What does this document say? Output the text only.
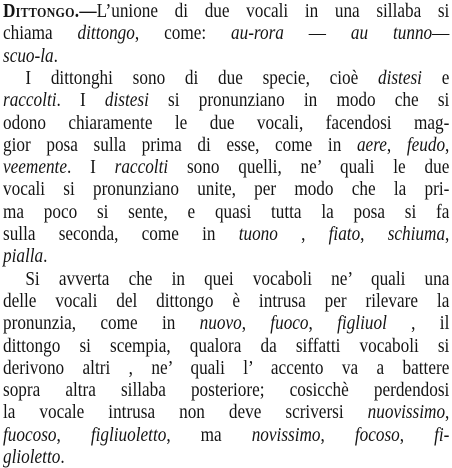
Dittongo.—L’unione di due vocali in una sillaba si
chiama dittongo, come: au-rora — au tunno—
scuo-la.
I dittonghi sono di due specie, cioè distesi e
raccolti. I distesi si pronunziano in modo che si
odono chiaramente le due vocali, facendosi mag-
gior posa sulla prima di esse, come in aere, feudo,
veemente. I raccolti sono quelli, ne’ quali le due
vocali si pronunziano unite, per modo che la pri-
ma poco si sente, e quasi tutta la posa si fa
sulla seconda, come in tuono , fiato, schiuma,
pialla.
Si avverta che in quei vocaboli ne’ quali una
delle vocali del dittongo è intrusa per rilevare la
pronunzia, come in nuovo, fuoco, figliuol , il
dittongo si scempia, qualora da siffatti vocaboli si
derivono altri , ne’ quali l’ accento va a battere
sopra altra sillaba posteriore; cosicchè perdendosi
la vocale intrusa non deve scriversi nuovissimo,
fuocoso, figliuoletto, ma novissimo, focoso, fi-
glioletto.
